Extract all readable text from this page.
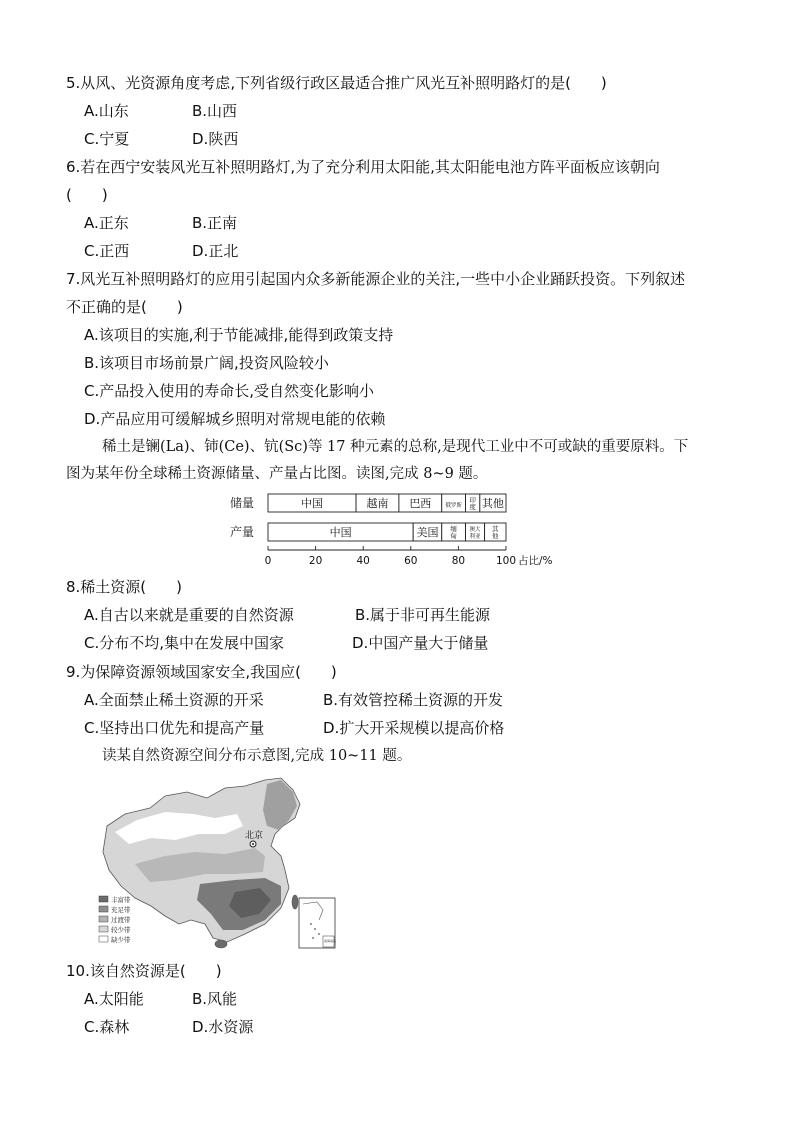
5.从风、光资源角度考虑,下列省级行政区最适合推广风光互补照明路灯的是(　　)
A.山东	B.山西
C.宁夏	D.陕西
6.若在西宁安装风光互补照明路灯,为了充分利用太阳能,其太阳能电池方阵平面板应该朝向
(　　)
A.正东	B.正南
C.正西	D.正北
7.风光互补照明路灯的应用引起国内众多新能源企业的关注,一些中小企业踊跃投资。下列叙述
不正确的是(　　)
A.该项目的实施,利于节能减排,能得到政策支持
B.该项目市场前景广阔,投资风险较小
C.产品投入使用的寿命长,受自然变化影响小
D.产品应用可缓解城乡照明对常规电能的依赖
稀土是镧(La)、铈(Ce)、钪(Sc)等 17 种元素的总称,是现代工业中不可或缺的重要原料。下
图为某年份全球稀土资源储量、产量占比图。读图,完成 8~9 题。
储量	中国	越南 巴西	俄罗斯
印
度 其他
产量	中国	美国 缅
甸
澳大
利亚
其
他
0	20	40	60	80	100 占比/%
8.稀土资源(　　)
A.自古以来就是重要的自然资源	B.属于非可再生能源
C.分布不均,集中在发展中国家	D.中国产量大于储量
9.为保障资源领域国家安全,我国应(　　)
A.全面禁止稀土资源的开采	B.有效管控稀土资源的开发
C.坚持出口优先和提高产量	D.扩大开采规模以提高价格
读某自然资源空间分布示意图,完成 10~11 题。
北京
丰富带
充足带
过渡带
较少带
缺少带	南海诸岛
10.该自然资源是(　　)
A.太阳能	B.风能
C.森林	D.水资源
